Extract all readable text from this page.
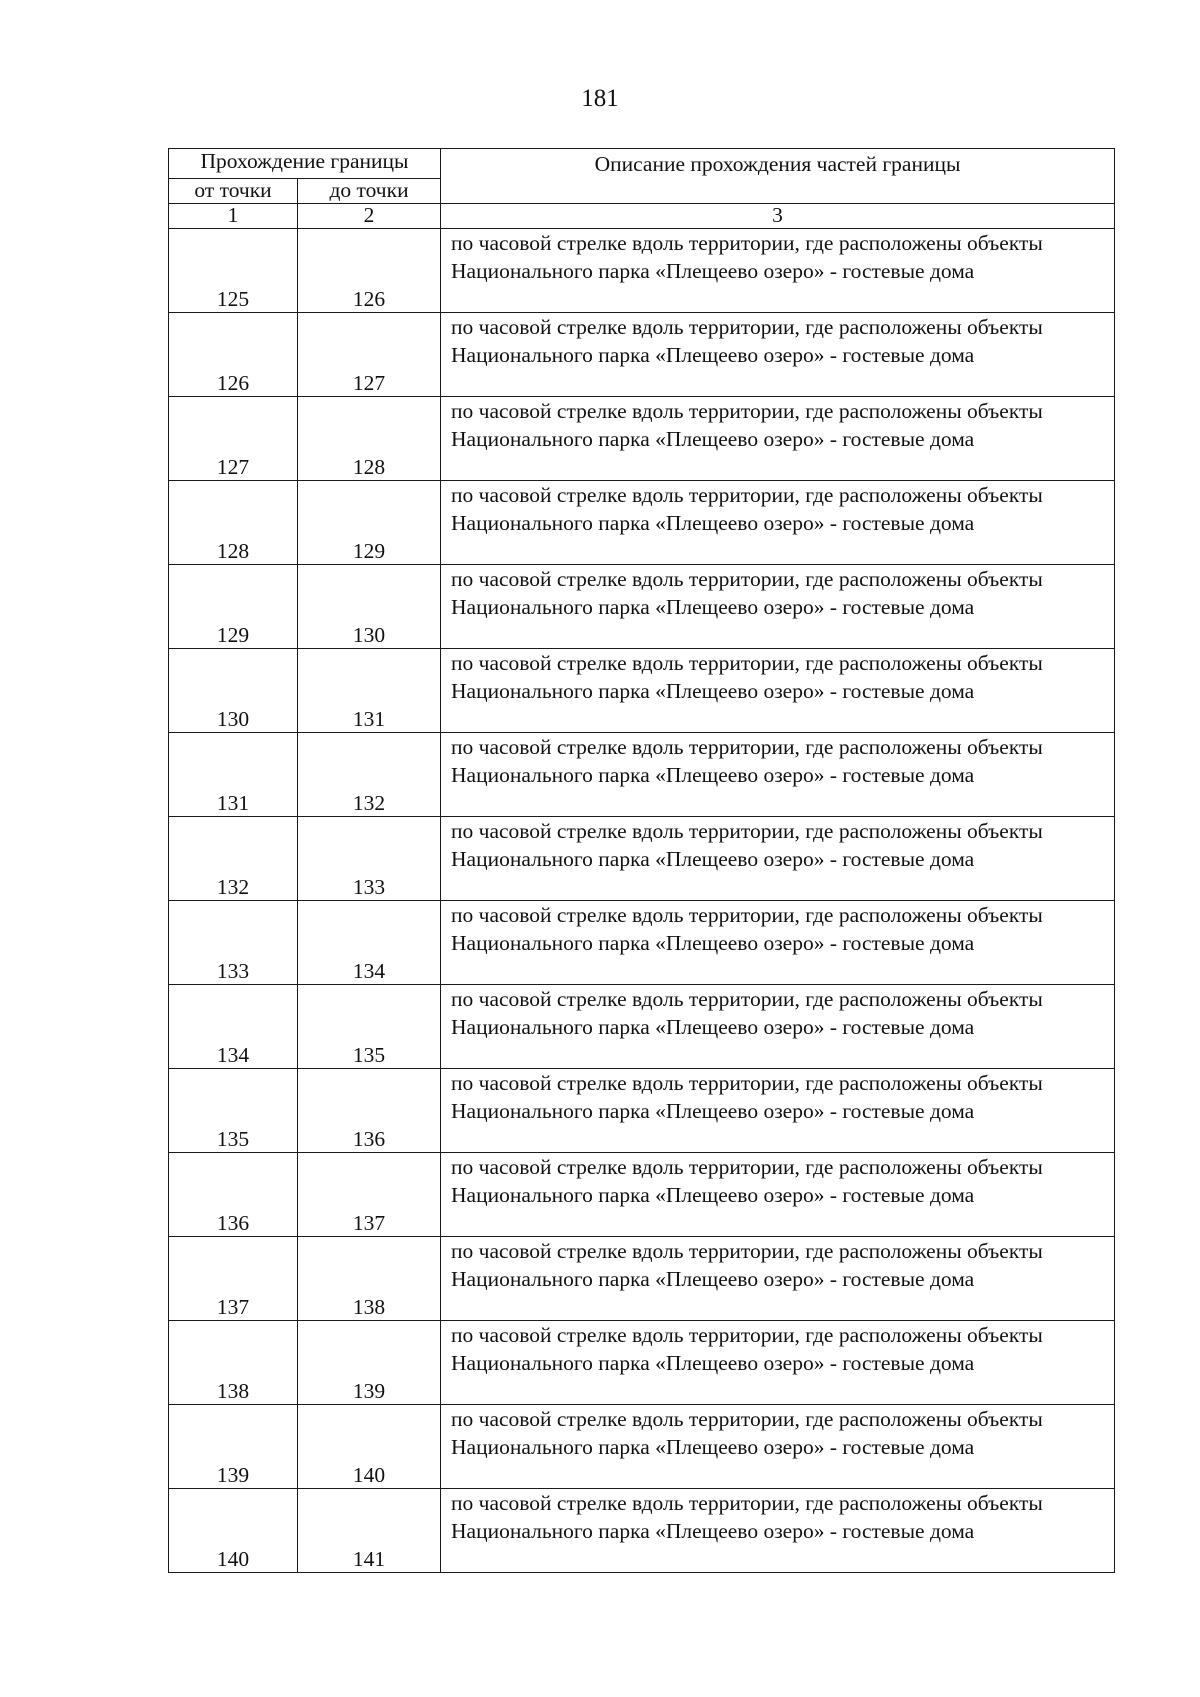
181
Прохождение границы		Описание прохождения частей границы
от точки	до точки	
1	2	3
125	126	по часовой стрелке вдоль территории, где расположены объекты Национального парка «Плещеево озеро» - гостевые дома
126	127	по часовой стрелке вдоль территории, где расположены объекты Национального парка «Плещеево озеро» - гостевые дома
127	128	по часовой стрелке вдоль территории, где расположены объекты Национального парка «Плещеево озеро» - гостевые дома
128	129	по часовой стрелке вдоль территории, где расположены объекты Национального парка «Плещеево озеро» - гостевые дома
129	130	по часовой стрелке вдоль территории, где расположены объекты Национального парка «Плещеево озеро» - гостевые дома
130	131	по часовой стрелке вдоль территории, где расположены объекты Национального парка «Плещеево озеро» - гостевые дома
131	132	по часовой стрелке вдоль территории, где расположены объекты Национального парка «Плещеево озеро» - гостевые дома
132	133	по часовой стрелке вдоль территории, где расположены объекты Национального парка «Плещеево озеро» - гостевые дома
133	134	по часовой стрелке вдоль территории, где расположены объекты Национального парка «Плещеево озеро» - гостевые дома
134	135	по часовой стрелке вдоль территории, где расположены объекты Национального парка «Плещеево озеро» - гостевые дома
135	136	по часовой стрелке вдоль территории, где расположены объекты Национального парка «Плещеево озеро» - гостевые дома
136	137	по часовой стрелке вдоль территории, где расположены объекты Национального парка «Плещеево озеро» - гостевые дома
137	138	по часовой стрелке вдоль территории, где расположены объекты Национального парка «Плещеево озеро» - гостевые дома
138	139	по часовой стрелке вдоль территории, где расположены объекты Национального парка «Плещеево озеро» - гостевые дома
139	140	по часовой стрелке вдоль территории, где расположены объекты Национального парка «Плещеево озеро» - гостевые дома
140	141	по часовой стрелке вдоль территории, где расположены объекты Национального парка «Плещеево озеро» - гостевые дома
